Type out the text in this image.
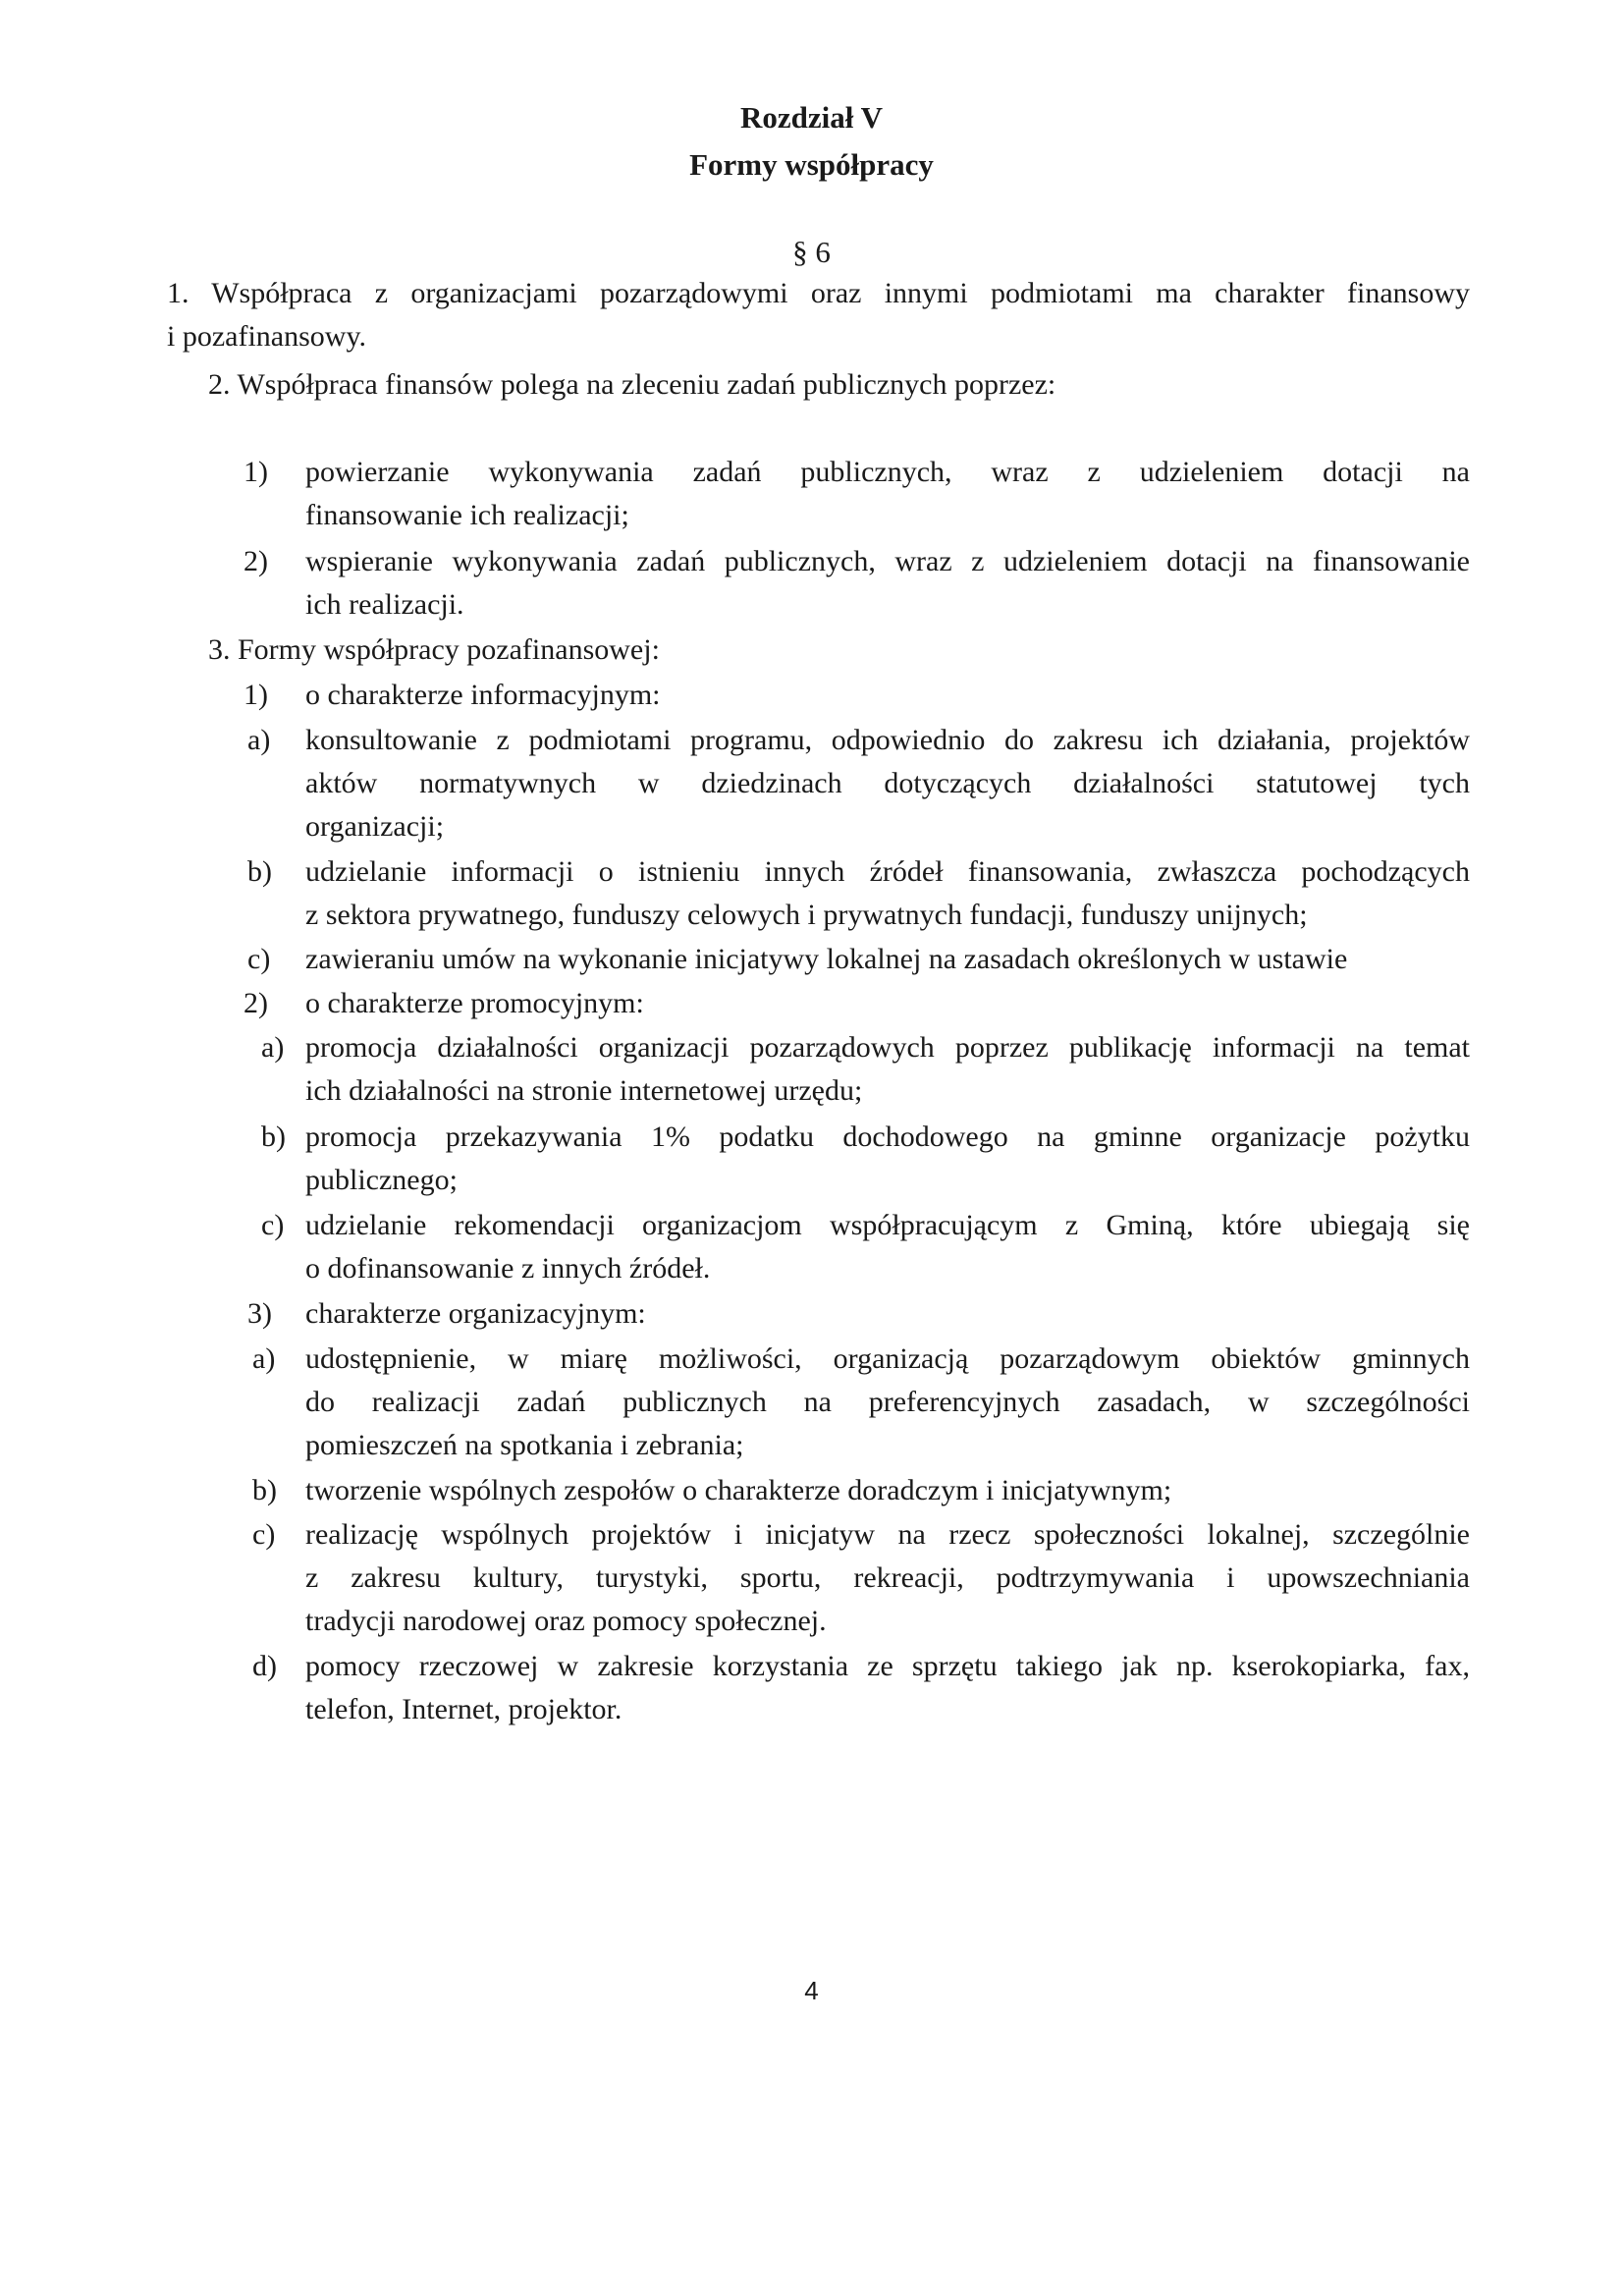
Rozdział V
Formy współpracy
§ 6
1. Współpraca z organizacjami pozarządowymi oraz innymi podmiotami ma charakter finansowy
i pozafinansowy.
2. Współpraca finansów polega na zleceniu zadań publicznych poprzez:
1) powierzanie wykonywania zadań publicznych, wraz z udzieleniem dotacji na
finansowanie ich realizacji;
2) wspieranie wykonywania zadań publicznych, wraz z udzieleniem dotacji na finansowanie
ich realizacji.
3. Formy współpracy pozafinansowej:
1) o charakterze informacyjnym:
a) konsultowanie z podmiotami programu, odpowiednio do zakresu ich działania, projektów
aktów normatywnych w dziedzinach dotyczących działalności statutowej tych
organizacji;
b) udzielanie informacji o istnieniu innych źródeł finansowania, zwłaszcza pochodzących
z sektora prywatnego, funduszy celowych i prywatnych fundacji, funduszy unijnych;
c) zawieraniu umów na wykonanie inicjatywy lokalnej na zasadach określonych w ustawie
2) o charakterze promocyjnym:
a) promocja działalności organizacji pozarządowych poprzez publikację informacji na temat
ich działalności na stronie internetowej urzędu;
b) promocja przekazywania 1% podatku dochodowego na gminne organizacje pożytku
publicznego;
c) udzielanie rekomendacji organizacjom współpracującym z Gminą, które ubiegają się
o dofinansowanie z innych źródeł.
3) charakterze organizacyjnym:
a) udostępnienie, w miarę możliwości, organizacją pozarządowym obiektów gminnych
do realizacji zadań publicznych na preferencyjnych zasadach, w szczególności
pomieszczeń na spotkania i zebrania;
b) tworzenie wspólnych zespołów o charakterze doradczym i inicjatywnym;
c) realizację wspólnych projektów i inicjatyw na rzecz społeczności lokalnej, szczególnie
z zakresu kultury, turystyki, sportu, rekreacji, podtrzymywania i upowszechniania
tradycji narodowej oraz pomocy społecznej.
d) pomocy rzeczowej w zakresie korzystania ze sprzętu takiego jak np. kserokopiarka, fax,
telefon, Internet, projektor.
4
